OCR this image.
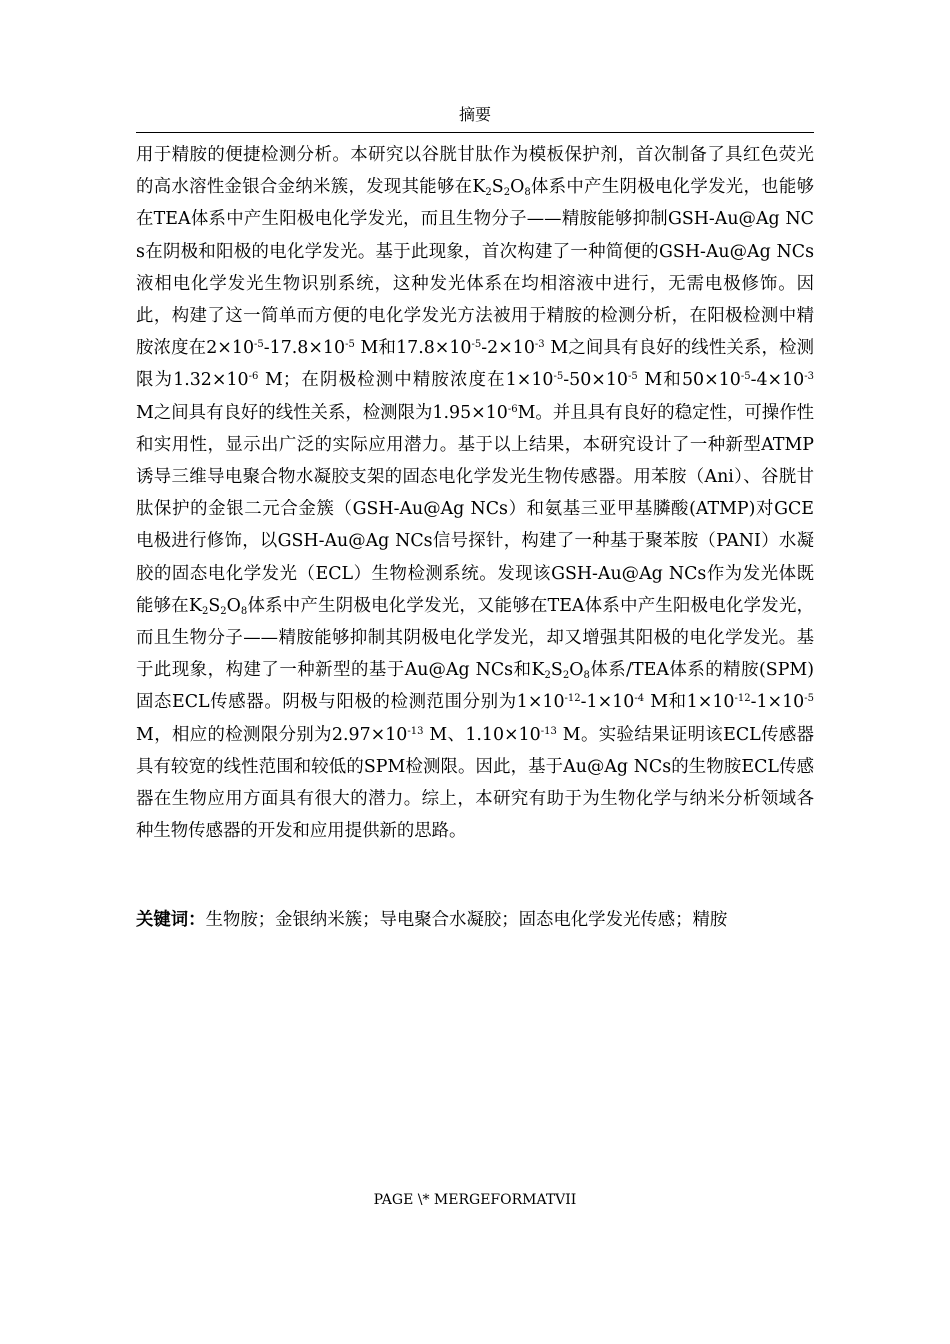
摘要

用于精胺的便捷检测分析。本研究以谷胱甘肽作为模板保护剂，首次制备了具红色荧光的高水溶性金银合金纳米簇，发现其能够在$K_2S_2O_8$体系中产生阴极电化学发光，也能够在TEA体系中产生阳极电化学发光，而且生物分子——精胺能够抑制GSH-Au@Ag NCs在阴极和阳极的电化学发光。基于此现象，首次构建了一种简便的GSH-Au@Ag NCs液相电化学发光生物识别系统，这种发光体系在均相溶液中进行，无需电极修饰。因此，构建了这一简单而方便的电化学发光方法被用于精胺的检测分析，在阳极检测中精胺浓度在$2\times 10^{-5}-17.8\times 10^{-5}$ M和$17.8\times 10^{-5}-2\times 10^{-3}$ M之间具有良好的线性关系，检测限为$1.32\times 10^{-6}$ M；在阴极检测中精胺浓度在$1\times 10^{-5}-50\times 10^{-5}$ M和$50\times 10^{-5}-4\times 10^{-3}$ M之间具有良好的线性关系，检测限为$1.95\times 10^{-6}M$。并且具有良好的稳定性，可操作性和实用性，显示出广泛的实际应用潜力。基于以上结果，本研究设计了一种新型ATMP诱导三维导电聚合物水凝胶支架的固态电化学发光生物传感器。用苯胺（Ani）、谷胱甘肽保护的金银二元合金簇（GSH-Au@Ag NCs）和氨基三亚甲基膦酸(ATMP)对GCE电极进行修饰，以GSH-Au@Ag NCs信号探针，构建了一种基于聚苯胺（PANI）水凝胶的固态电化学发光（ECL）生物检测系统。发现该GSH-Au@Ag NCs作为发光体既能够在$K_2S_2O_8$体系中产生阴极电化学发光，又能够在TEA体系中产生阳极电化学发光，而且生物分子——精胺能够抑制其阴极电化学发光，却又增强其阳极的电化学发光。基于此现象，构建了一种新型的基于Au@Ag NCs和$K_2S_2O_8$体系/TEA体系的精胺(SPM)固态ECL传感器。阴极与阳极的检测范围分别为$1\times 10^{-12}-1\times 10^{-4}$ M和$1\times 10^{-12}-1\times 10^{-5}$ M，相应的检测限分别为$2.97\times 10^{-13}$ M、$1.10\times 10^{-13}$ M。实验结果证明该ECL传感器具有较宽的线性范围和较低的SPM检测限。因此，基于Au@Ag NCs的生物胺ECL传感器在生物应用方面具有很大的潜力。综上，本研究有助于为生物化学与纳米分析领域各种生物传感器的开发和应用提供新的思路。

关键词：生物胺；金银纳米簇；导电聚合水凝胶；固态电化学发光传感；精胺
PAGE \* MERGEFORMATVII
